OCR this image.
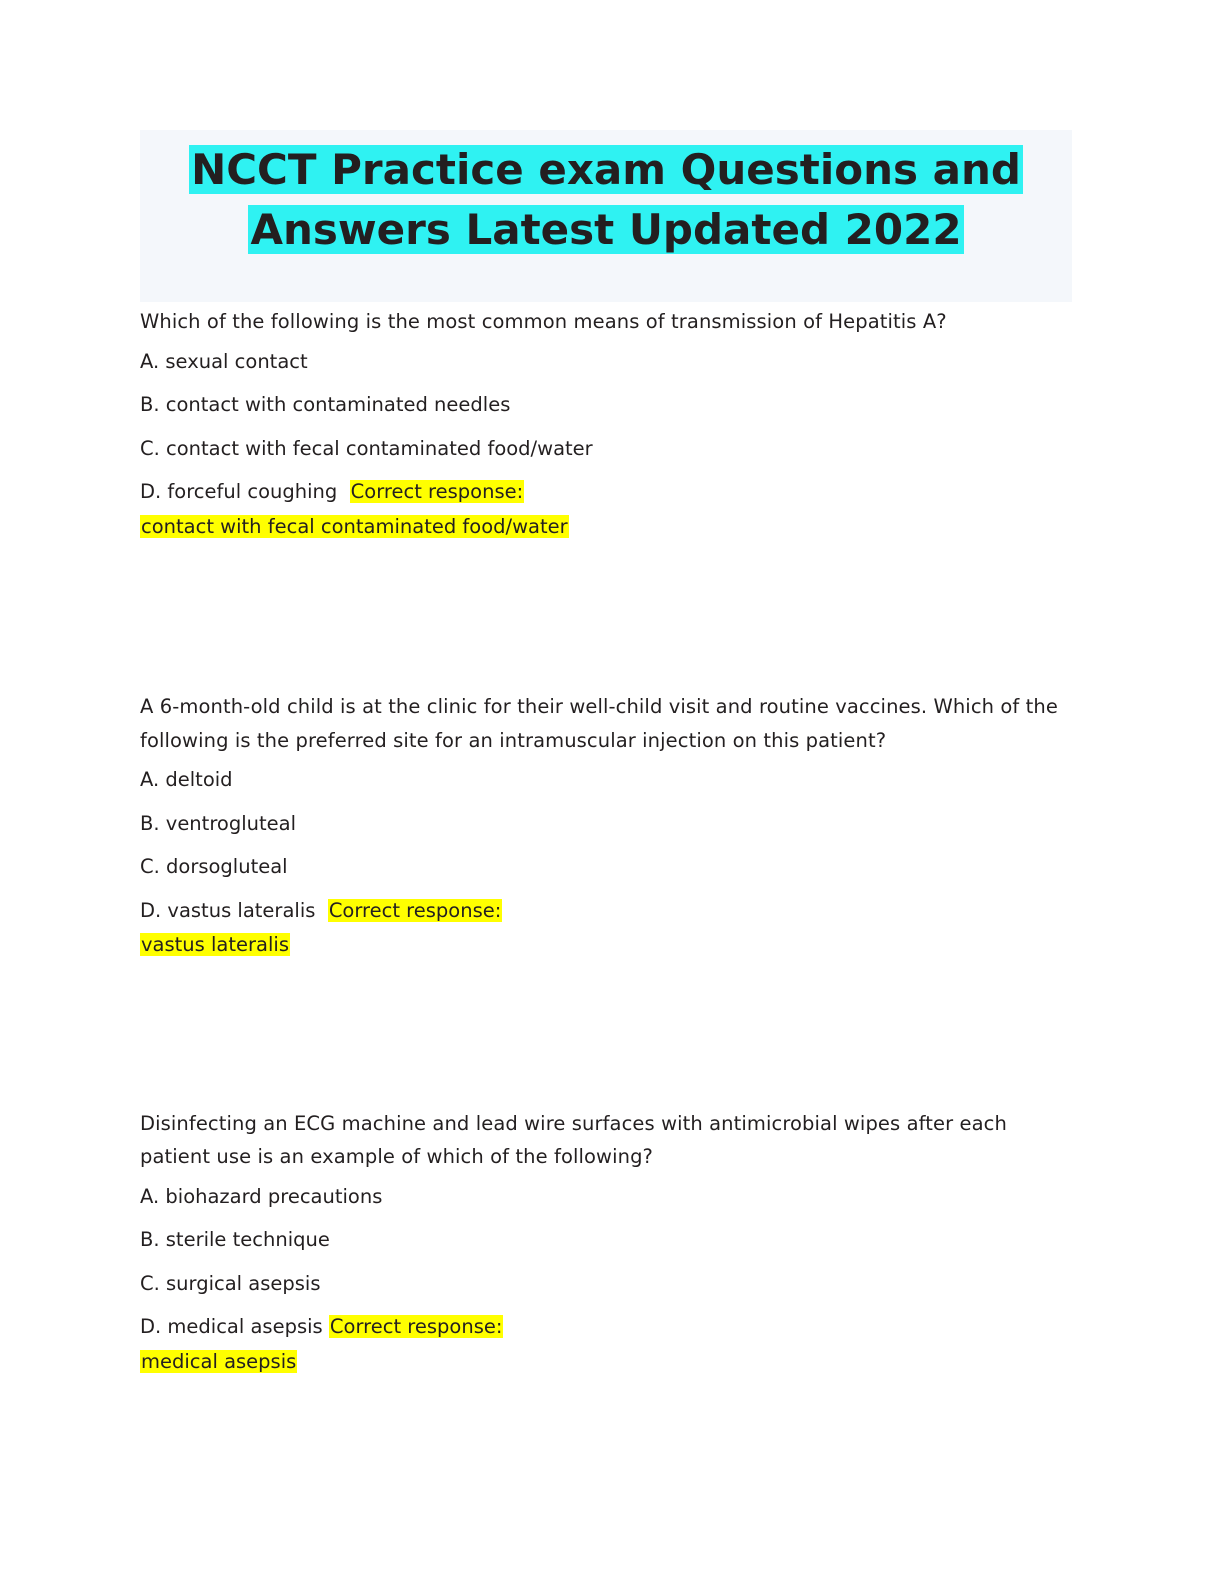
NCCT Practice exam Questions and
Answers Latest Updated 2022

Which of the following is the most common means of transmission of Hepatitis A?

A. sexual contact

B. contact with contaminated needles

C. contact with fecal contaminated food/water

D. forceful coughing Correct response:

contact with fecal contaminated food/water

A 6-month-old child is at the clinic for their well-child visit and routine vaccines. Which of the following is the preferred site for an intramuscular injection on this patient?

A. deltoid

B. ventrogluteal

C. dorsogluteal

D. vastus lateralis Correct response:

vastus lateralis

Disinfecting an ECG machine and lead wire surfaces with antimicrobial wipes after each patient use is an example of which of the following?

A. biohazard precautions

B. sterile technique

C. surgical asepsis

D. medical asepsis Correct response:

medical asepsis
